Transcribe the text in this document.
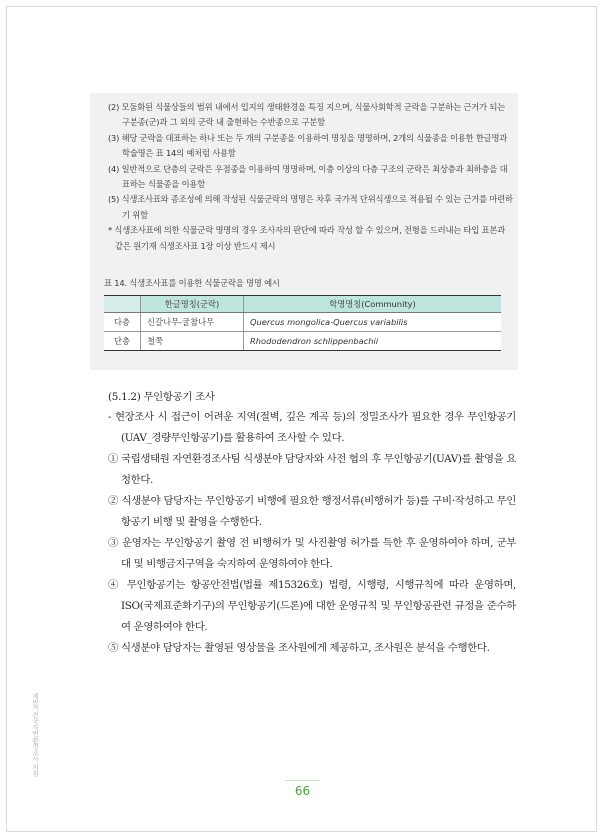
(2) 모둠화된 식물상들의 범위 내에서 입지의 생태환경을 특징 지으며, 식물사회학적 군락을 구분하는 근거가 되는 구분종(군)과 그 외의 군락 내 출현하는 수반종으로 구분함
(3) 해당 군락을 대표하는 하나 또는 두 개의 구분종을 이용하여 명칭을 명명하며, 2개의 식물종을 이용한 한글명과 학술명은 표 14의 예처럼 사용함
(4) 일반적으로 단층의 군락은 우점종을 이용하여 명명하며, 이층 이상의 다층 구조의 군락은 최상층과 최하층을 대표하는 식물종을 이용함
(5) 식생조사표와 종조성에 의해 작성된 식물군락의 명명은 차후 국가적 단위식생으로 적용될 수 있는 근거를 마련하기 위함
* 식생조사표에 의한 식물군락 명명의 경우 조사자의 판단에 따라 작성 할 수 있으며, 전형을 드러내는 타입 표본과 같은 원기재 식생조사표 1장 이상 반드시 제시
표 14. 식생조사표를 이용한 식물군락을 명명 예시
	한글명칭(군락)	학명명칭(Community)
다층	신갈나무-굴참나무	Quercus mongolica-Quercus variabilis
단층	철쭉	Rhododendron schlippenbachii
(5.1.2) 무인항공기 조사
- 현장조사 시 접근이 어려운 지역(절벽, 깊은 계곡 등)의 정밀조사가 필요한 경우 무인항공기(UAV_경량무인항공기)를 활용하여 조사할 수 있다.
① 국립생태원 자연환경조사팀 식생분야 담당자와 사전 협의 후 무인항공기(UAV)를 촬영을 요청한다.
② 식생분야 담당자는 무인항공기 비행에 필요한 행정서류(비행허가 등)를 구비·작성하고 무인항공기 비행 및 촬영을 수행한다.
③ 운영자는 무인항공기 촬영 전 비행허가 및 사진촬영 허가를 득한 후 운영하여야 하며, 군부대 및 비행금지구역을 숙지하여 운영하여야 한다.
④ 무인항공기는 항공안전법(법률 제15326호) 법령, 시행령, 시행규칙에 따라 운영하며, ISO(국제표준화기구)의 무인항공기(드론)에 대한 운영규칙 및 무인항공관련 규정을 준수하여 운영하여야 한다.
⑤ 식생분야 담당자는 촬영된 영상물을 조사원에게 제공하고, 조사원은 분석을 수행한다.
제5차 전국자연환경조사 지침
66
